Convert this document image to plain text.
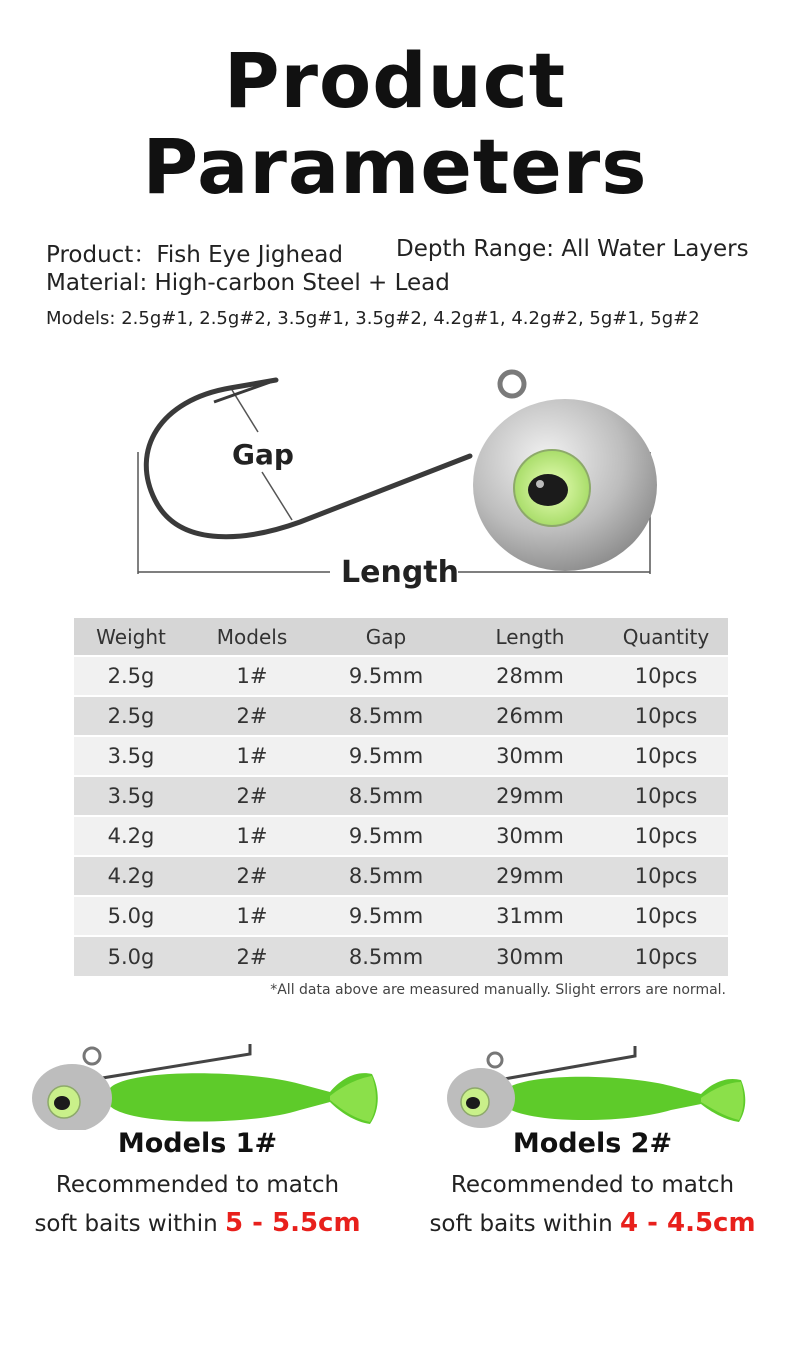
Product
Parameters
Product：Fish Eye Jighead Depth Range: All Water Layers
Material: High-carbon Steel + Lead
Models: 2.5g#1, 2.5g#2, 3.5g#1, 3.5g#2, 4.2g#1, 4.2g#2, 5g#1, 5g#2
Gap
Length
Weight	Models	Gap	Length	Quantity
2.5g	1#	9.5mm	28mm	10pcs
2.5g	2#	8.5mm	26mm	10pcs
3.5g	1#	9.5mm	30mm	10pcs
3.5g	2#	8.5mm	29mm	10pcs
4.2g	1#	9.5mm	30mm	10pcs
4.2g	2#	8.5mm	29mm	10pcs
5.0g	1#	9.5mm	31mm	10pcs
5.0g	2#	8.5mm	30mm	10pcs
*All data above are measured manually. Slight errors are normal.
Models 1#
Recommended to match
soft baits within 5 - 5.5cm
Models 2#
Recommended to match
soft baits within 4 - 4.5cm
